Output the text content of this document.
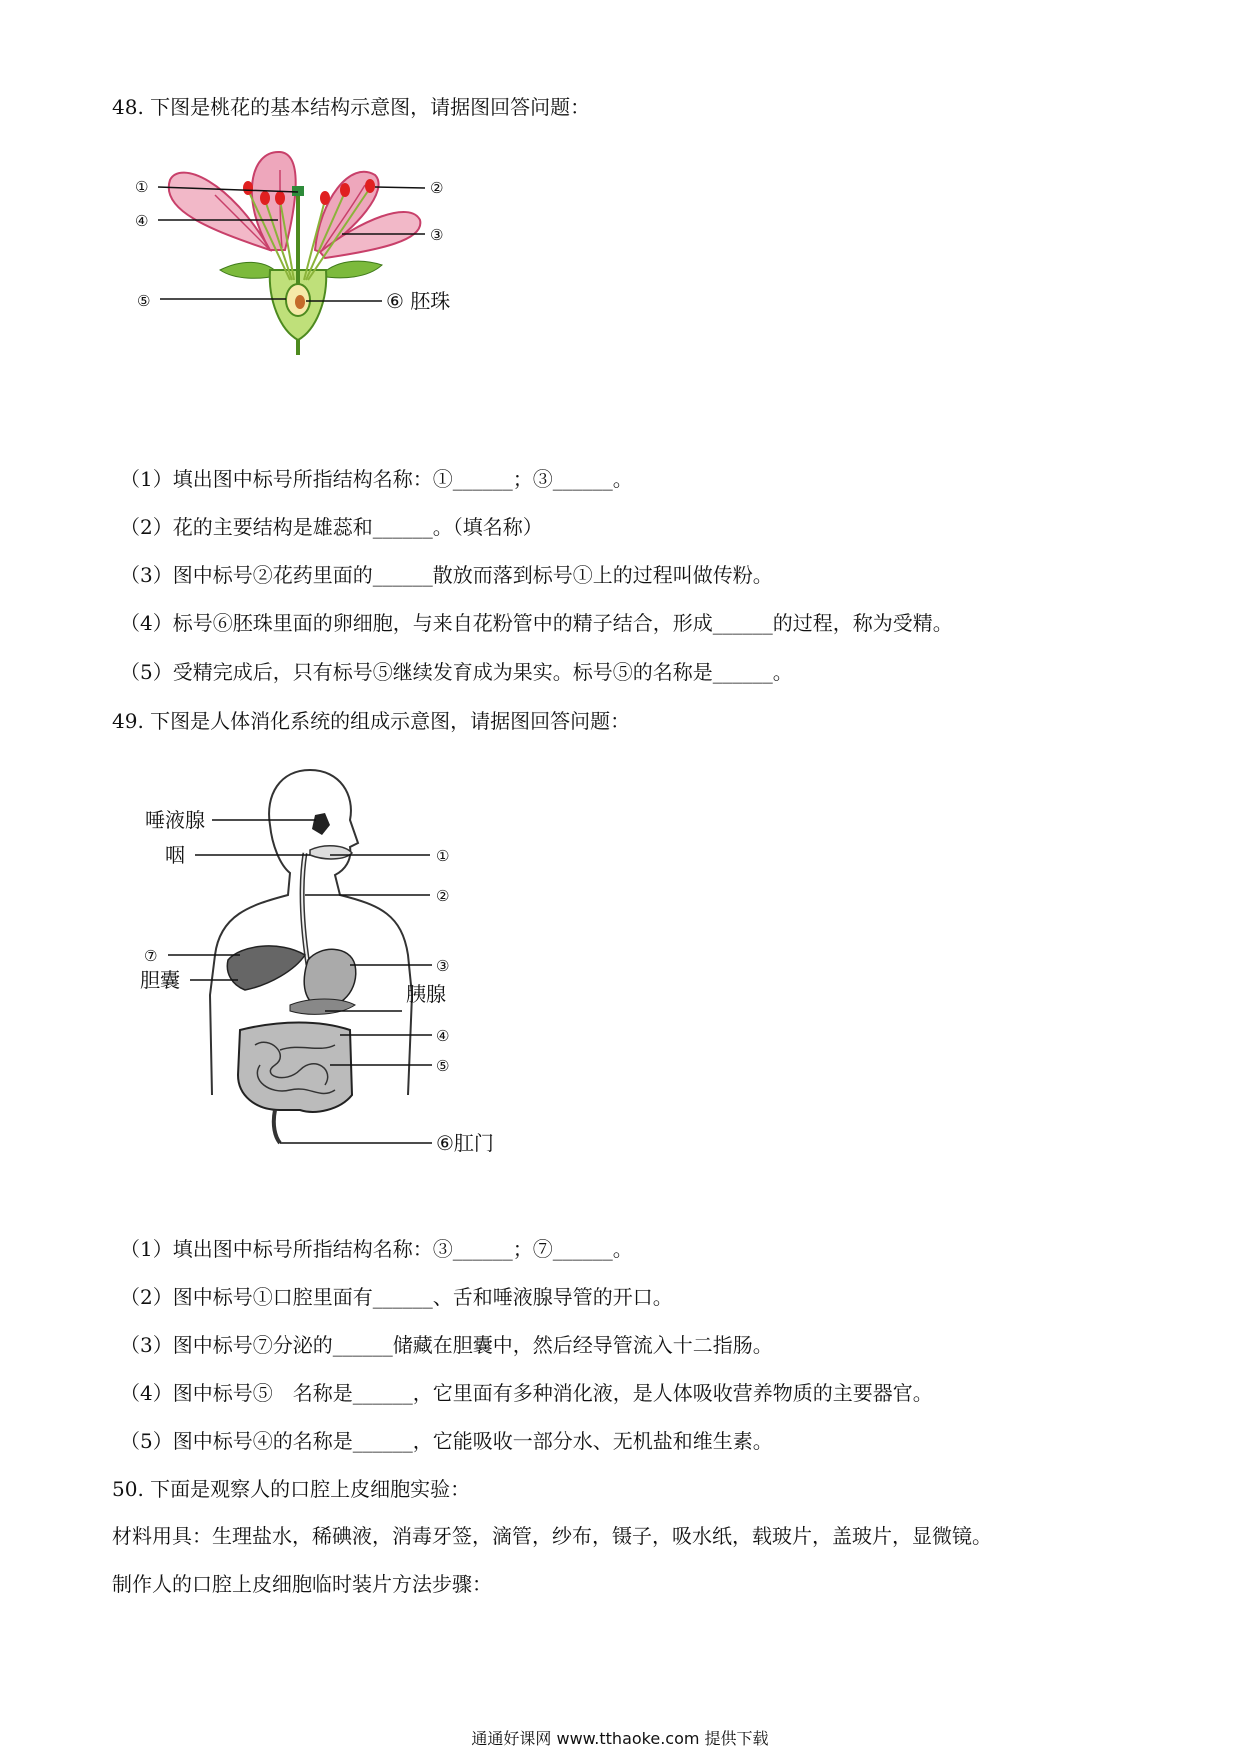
48. 下图是桃花的基本结构示意图，请据图回答问题：
①	②
③
④
⑤	⑥ 胚珠
（1）填出图中标号所指结构名称：①______；③______。
（2）花的主要结构是雄蕊和______。（填名称）
（3）图中标号②花药里面的______散放而落到标号①上的过程叫做传粉。
（4）标号⑥胚珠里面的卵细胞，与来自花粉管中的精子结合，形成______的过程，称为受精。
（5）受精完成后，只有标号⑤继续发育成为果实。标号⑤的名称是______。
49. 下图是人体消化系统的组成示意图，请据图回答问题：
唾液腺
咽	①
②
⑦
胆囊
③
胰腺
④
⑤
⑥肛门
（1）填出图中标号所指结构名称：③______；⑦______。
（2）图中标号①口腔里面有______、舌和唾液腺导管的开口。
（3）图中标号⑦分泌的______储藏在胆囊中，然后经导管流入十二指肠。
（4）图中标号⑤　名称是______，它里面有多种消化液，是人体吸收营养物质的主要器官。
（5）图中标号④的名称是______，它能吸收一部分水、无机盐和维生素。
50. 下面是观察人的口腔上皮细胞实验：
材料用具：生理盐水，稀碘液，消毒牙签，滴管，纱布，镊子，吸水纸，载玻片，盖玻片，显微镜。
制作人的口腔上皮细胞临时装片方法步骤：
通通好课网 www.tthaoke.com 提供下载
